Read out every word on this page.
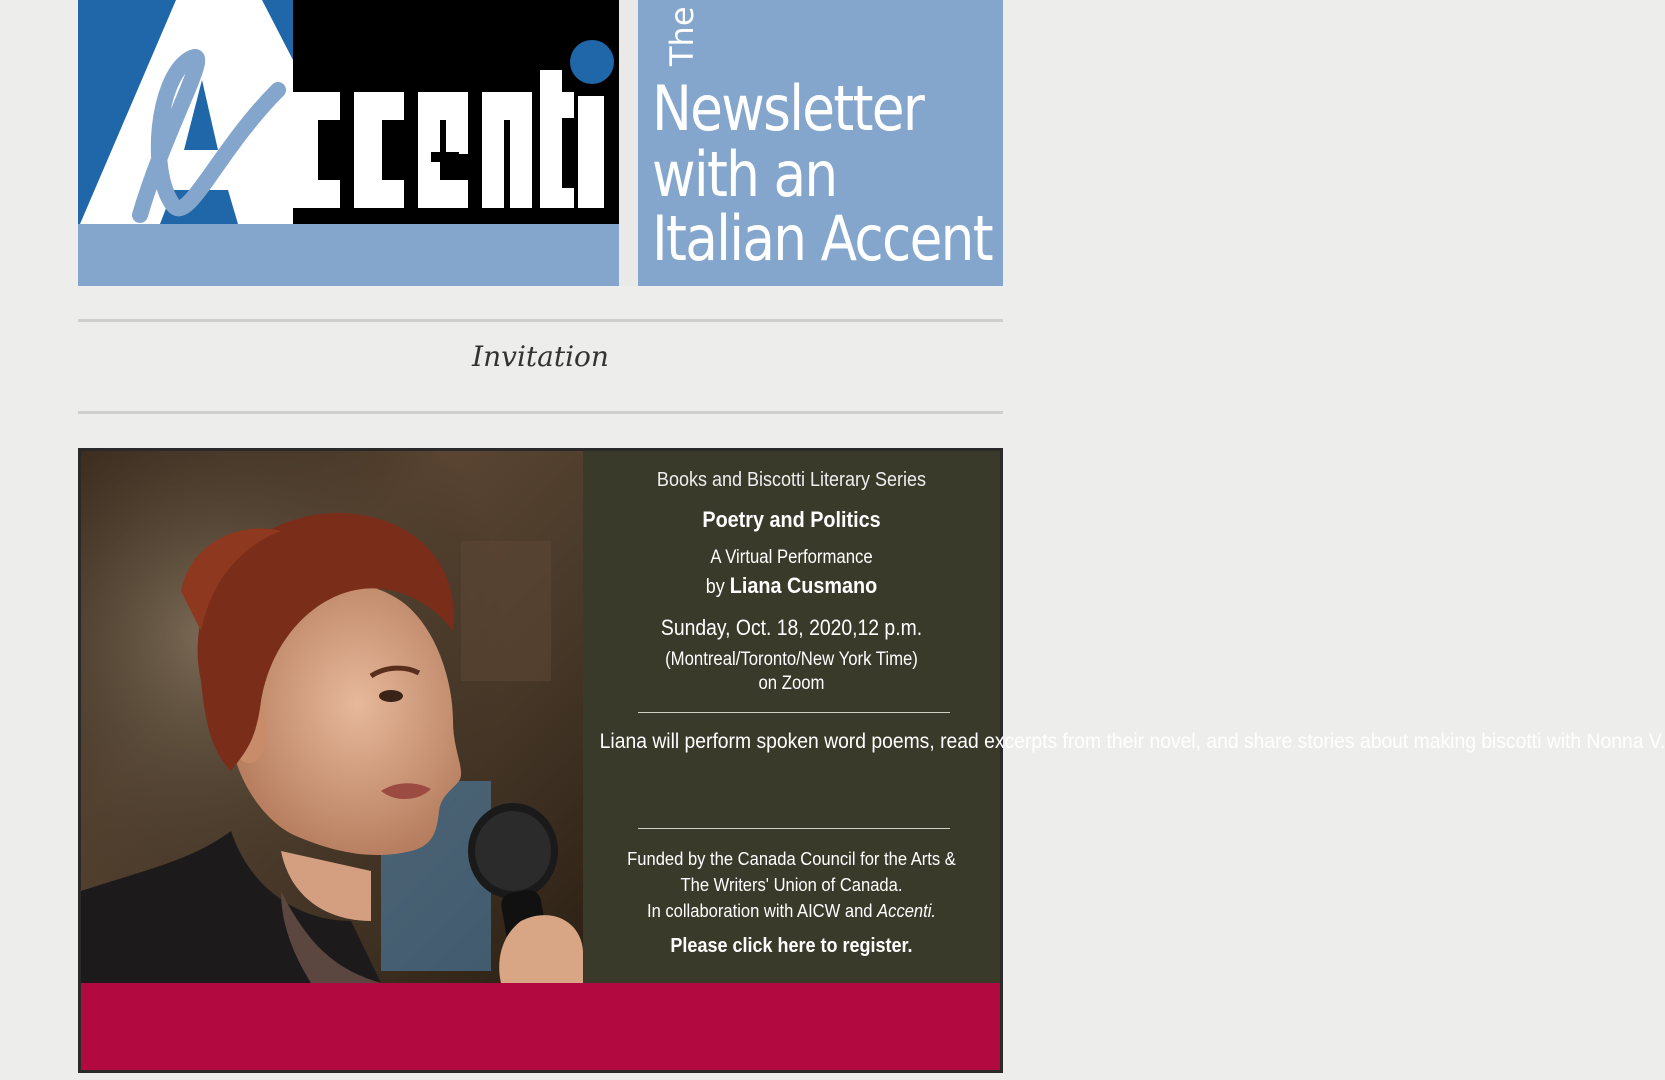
The
Newsletter
with an
Italian Accent
Invitation
Books and Biscotti Literary Series
Poetry and Politics
A Virtual Performance
by Liana Cusmano
Sunday, Oct. 18, 2020,12 p.m.
(Montreal/Toronto/New York Time)
on Zoom
Liana will perform spoken word poems, read excerpts from their novel, and share stories about making biscotti with Nonna V.
Funded by the Canada Council for the Arts &
The Writers' Union of Canada.
In collaboration with AICW and Accenti.
Please click here to register.
